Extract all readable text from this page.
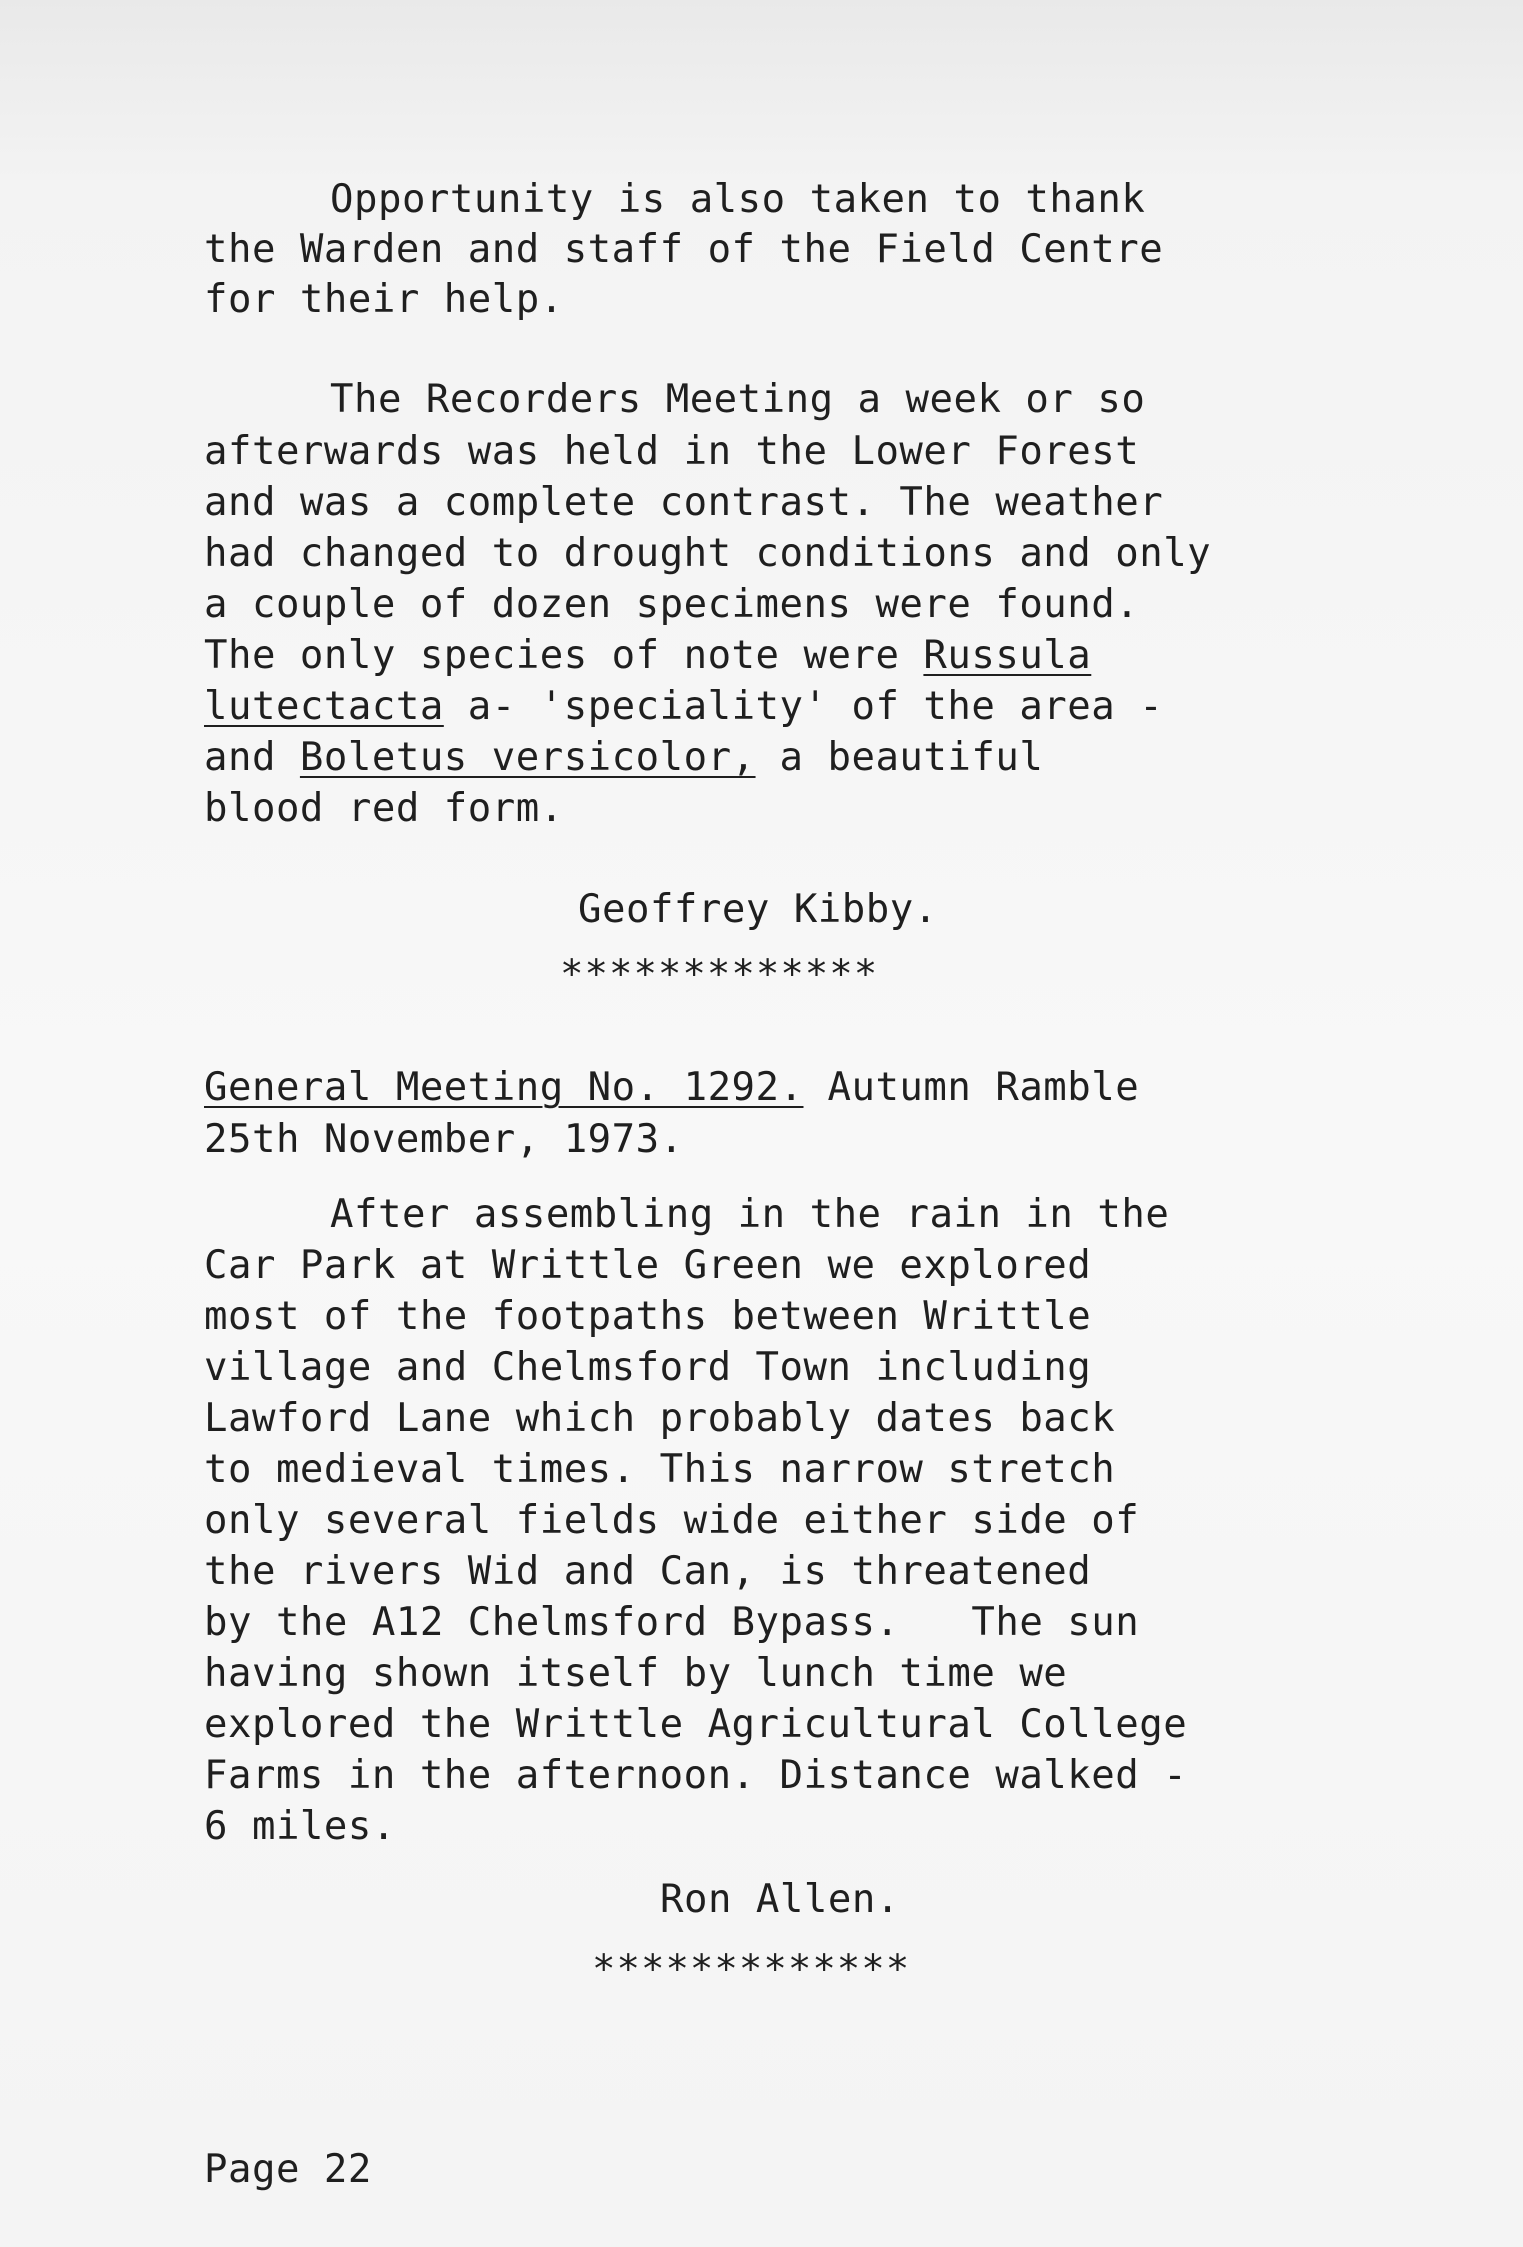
Opportunity is also taken to thank
the Warden and staff of the Field Centre
for their help.
The Recorders Meeting a week or so
afterwards was held in the Lower Forest
and was a complete contrast. The weather
had changed to drought conditions and only
a couple of dozen specimens were found.
The only species of note were Russula
lutectacta a- 'speciality' of the area -
and Boletus versicolor, a beautiful
blood red form.
Geoffrey Kibby.
*************
General Meeting No. 1292. Autumn Ramble
25th November, 1973.
After assembling in the rain in the
Car Park at Writtle Green we explored
most of the footpaths between Writtle
village and Chelmsford Town including
Lawford Lane which probably dates back
to medieval times. This narrow stretch
only several fields wide either side of
the rivers Wid and Can, is threatened
by the A12 Chelmsford Bypass.   The sun
having shown itself by lunch time we
explored the Writtle Agricultural College
Farms in the afternoon. Distance walked -
6 miles.
Ron Allen.
*************
Page 22
